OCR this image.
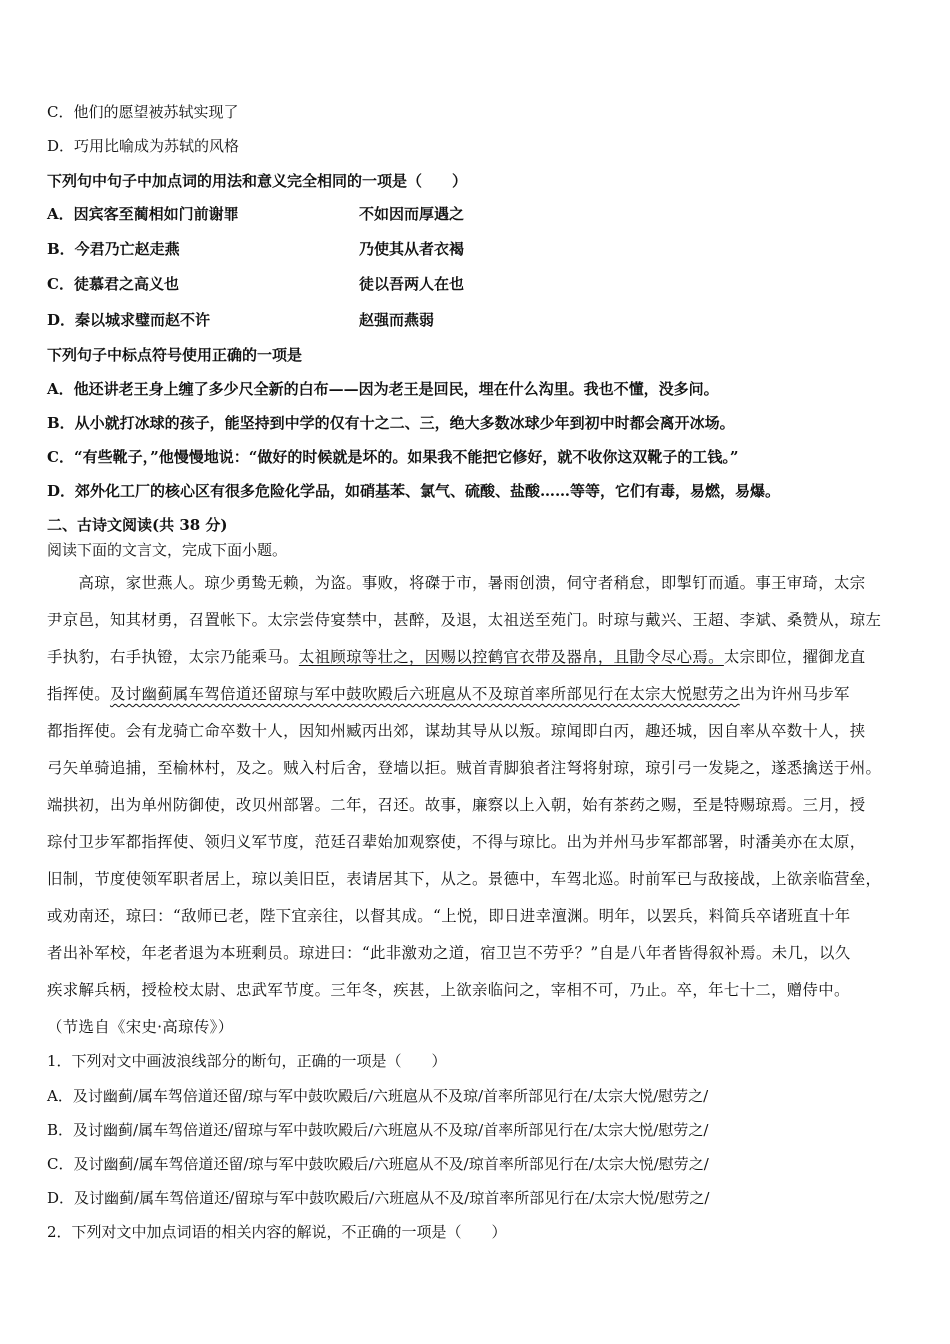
C．他们的愿望被苏轼实现了
D．巧用比喻成为苏轼的风格
下列句中句子中加点词的用法和意义完全相同的一项是（　　）
A．因宾客至蔺相如门前谢罪	不如因而厚遇之
B．今君乃亡赵走燕	乃使其从者衣褐
C．徒慕君之高义也	徒以吾两人在也
D．秦以城求璧而赵不许	赵强而燕弱
下列句子中标点符号使用正确的一项是
A．他还讲老王身上缠了多少尺全新的白布——因为老王是回民，埋在什么沟里。我也不懂，没多问。
B．从小就打冰球的孩子，能坚持到中学的仅有十之二、三，绝大多数冰球少年到初中时都会离开冰场。
C．“有些靴子，”他慢慢地说：“做好的时候就是坏的。如果我不能把它修好，就不收你这双靴子的工钱。”
D．郊外化工厂的核心区有很多危险化学品，如硝基苯、氯气、硫酸、盐酸……等等，它们有毒，易燃，易爆。
二、古诗文阅读(共 38 分)
阅读下面的文言文，完成下面小题。
　　高琼，家世燕人。琼少勇鸷无赖，为盗。事败，将磔于市，暑雨创溃，伺守者稍怠，即掣钉而遁。事王审琦，太宗
尹京邑，知其材勇，召置帐下。太宗尝侍宴禁中，甚醉，及退，太祖送至苑门。时琼与戴兴、王超、李斌、桑赞从，琼左
手执豹，右手执镫，太宗乃能乘马。太祖顾琼等壮之，因赐以控鹤官衣带及器帛，且勖令尽心焉。太宗即位，擢御龙直
指挥使。及讨幽蓟属车驾倍道还留琼与军中鼓吹殿后六班扈从不及琼首率所部见行在太宗大悦慰劳之出为许州马步军
都指挥使。会有龙骑亡命卒数十人，因知州臧丙出郊，谋劫其导从以叛。琼闻即白丙，趣还城，因自率从卒数十人，挟
弓矢单骑追捕，至榆林村，及之。贼入村后舍，登墙以拒。贼首青脚狼者注弩将射琼，琼引弓一发毙之，遂悉擒送于州。
端拱初，出为单州防御使，改贝州部署。二年，召还。故事，廉察以上入朝，始有茶药之赐，至是特赐琼焉。三月，授
琮付卫步军都指挥使、领归义军节度，范廷召辈始加观察使，不得与琼比。出为并州马步军都部署，时潘美亦在太原，
旧制，节度使领军职者居上，琼以美旧臣，表请居其下，从之。景德中，车驾北巡。时前军已与敌接战，上欲亲临营垒，
或劝南还，琼曰：“敌师已老，陛下宜亲往，以督其成。“上悦，即日进幸澶渊。明年，以罢兵，料简兵卒诸班直十年
者出补军校，年老者退为本班剩员。琼进曰：“此非激劝之道，宿卫岂不劳乎？”自是八年者皆得叙补焉。未几，以久
疾求解兵柄，授检校太尉、忠武军节度。三年冬，疾甚，上欲亲临问之，宰相不可，乃止。卒，年七十二，赠侍中。
（节选自《宋史·高琼传》）
1．下列对文中画波浪线部分的断句，正确的一项是（　　）
A．及讨幽蓟/属车驾倍道还留/琼与军中鼓吹殿后/六班扈从不及琼/首率所部见行在/太宗大悦/慰劳之/
B．及讨幽蓟/属车驾倍道还/留琼与军中鼓吹殿后/六班扈从不及琼/首率所部见行在/太宗大悦/慰劳之/
C．及讨幽蓟/属车驾倍道还留/琼与军中鼓吹殿后/六班扈从不及/琼首率所部见行在/太宗大悦/慰劳之/
D．及讨幽蓟/属车驾倍道还/留琼与军中鼓吹殿后/六班扈从不及/琼首率所部见行在/太宗大悦/慰劳之/
2．下列对文中加点词语的相关内容的解说，不正确的一项是（　　）
